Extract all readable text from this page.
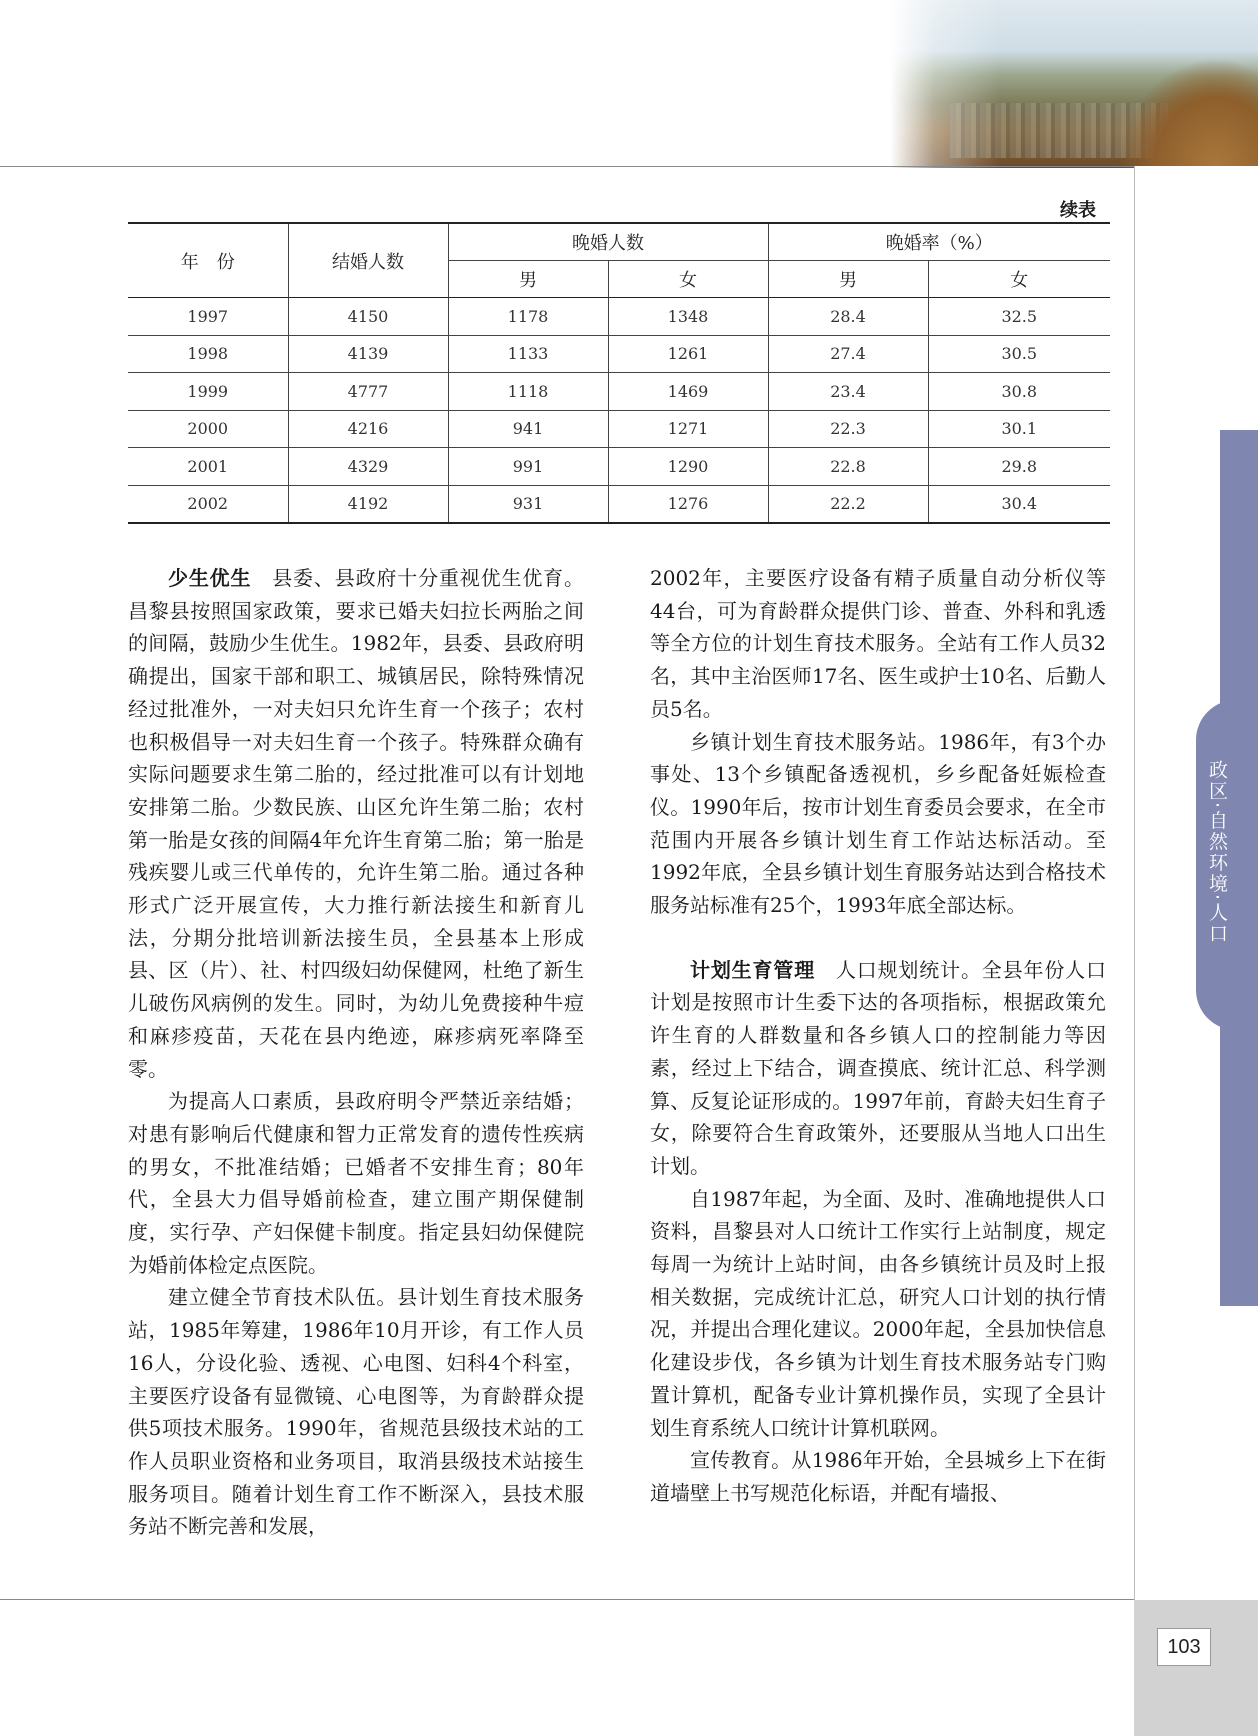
政区·自然环境·人口
103
续表
年　份	结婚人数	晚婚人数		晚婚率（%）	
		男	女	男	女
1997	4150	1178	1348	28.4	32.5
1998	4139	1133	1261	27.4	30.5
1999	4777	1118	1469	23.4	30.8
2000	4216	941	1271	22.3	30.1
2001	4329	991	1290	22.8	29.8
2002	4192	931	1276	22.2	30.4

少生优生　县委、县政府十分重视优生优育。昌黎县按照国家政策，要求已婚夫妇拉长两胎之间的间隔，鼓励少生优生。1982年，县委、县政府明确提出，国家干部和职工、城镇居民，除特殊情况经过批准外，一对夫妇只允许生育一个孩子；农村也积极倡导一对夫妇生育一个孩子。特殊群众确有实际问题要求生第二胎的，经过批准可以有计划地安排第二胎。少数民族、山区允许生第二胎；农村第一胎是女孩的间隔4年允许生育第二胎；第一胎是残疾婴儿或三代单传的，允许生第二胎。通过各种形式广泛开展宣传，大力推行新法接生和新育儿法，分期分批培训新法接生员，全县基本上形成县、区（片）、社、村四级妇幼保健网，杜绝了新生儿破伤风病例的发生。同时，为幼儿免费接种牛痘和麻疹疫苗，天花在县内绝迹，麻疹病死率降至零。

为提高人口素质，县政府明令严禁近亲结婚；对患有影响后代健康和智力正常发育的遗传性疾病的男女，不批准结婚；已婚者不安排生育；80年代，全县大力倡导婚前检查，建立围产期保健制度，实行孕、产妇保健卡制度。指定县妇幼保健院为婚前体检定点医院。

建立健全节育技术队伍。县计划生育技术服务站，1985年筹建，1986年10月开诊，有工作人员16人，分设化验、透视、心电图、妇科4个科室，主要医疗设备有显微镜、心电图等，为育龄群众提供5项技术服务。1990年，省规范县级技术站的工作人员职业资格和业务项目，取消县级技术站接生服务项目。随着计划生育工作不断深入，县技术服务站不断完善和发展，

2002年，主要医疗设备有精子质量自动分析仪等44台，可为育龄群众提供门诊、普查、外科和乳透等全方位的计划生育技术服务。全站有工作人员32名，其中主治医师17名、医生或护士10名、后勤人员5名。

乡镇计划生育技术服务站。1986年，有3个办事处、13个乡镇配备透视机，乡乡配备妊娠检查仪。1990年后，按市计划生育委员会要求，在全市范围内开展各乡镇计划生育工作站达标活动。至1992年底，全县乡镇计划生育服务站达到合格技术服务站标准有25个，1993年底全部达标。

计划生育管理　人口规划统计。全县年份人口计划是按照市计生委下达的各项指标，根据政策允许生育的人群数量和各乡镇人口的控制能力等因素，经过上下结合，调查摸底、统计汇总、科学测算、反复论证形成的。1997年前，育龄夫妇生育子女，除要符合生育政策外，还要服从当地人口出生计划。

自1987年起，为全面、及时、准确地提供人口资料，昌黎县对人口统计工作实行上站制度，规定每周一为统计上站时间，由各乡镇统计员及时上报相关数据，完成统计汇总，研究人口计划的执行情况，并提出合理化建议。2000年起，全县加快信息化建设步伐，各乡镇为计划生育技术服务站专门购置计算机，配备专业计算机操作员，实现了全县计划生育系统人口统计计算机联网。

宣传教育。从1986年开始，全县城乡上下在街道墙壁上书写规范化标语，并配有墙报、
